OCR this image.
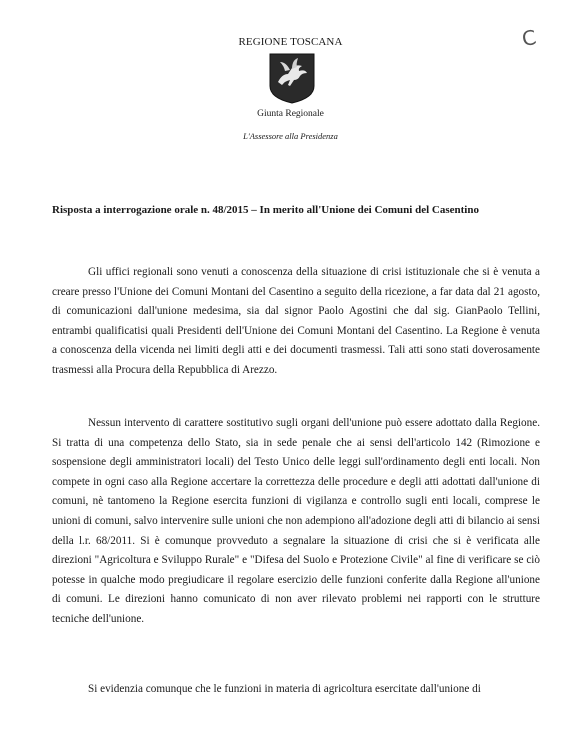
C
REGIONE TOSCANA
Giunta Regionale
L'Assessore alla Presidenza
Risposta a interrogazione orale n. 48/2015 – In merito all'Unione dei Comuni del Casentino

Gli uffici regionali sono venuti a conoscenza della situazione di crisi istituzionale che si è venuta a creare presso l'Unione dei Comuni Montani del Casentino a seguito della ricezione, a far data dal 21 agosto, di comunicazioni dall'unione medesima, sia dal signor Paolo Agostini che dal sig. GianPaolo Tellini, entrambi qualificatisi quali Presidenti dell'Unione dei Comuni Montani del Casentino. La Regione è venuta a conoscenza della vicenda nei limiti degli atti e dei documenti trasmessi. Tali atti sono stati doverosamente trasmessi alla Procura della Repubblica di Arezzo.

Nessun intervento di carattere sostitutivo sugli organi dell'unione può essere adottato dalla Regione. Si tratta di una competenza dello Stato, sia in sede penale che ai sensi dell'articolo 142 (Rimozione e sospensione degli amministratori locali) del Testo Unico delle leggi sull'ordinamento degli enti locali. Non compete in ogni caso alla Regione accertare la correttezza delle procedure e degli atti adottati dall'unione di comuni, nè tantomeno la Regione esercita funzioni di vigilanza e controllo sugli enti locali, comprese le unioni di comuni, salvo intervenire sulle unioni che non adempiono all'adozione degli atti di bilancio ai sensi della l.r. 68/2011. Si è comunque provveduto a segnalare la situazione di crisi che si è verificata alle direzioni "Agricoltura e Sviluppo Rurale" e "Difesa del Suolo e Protezione Civile" al fine di verificare se ciò potesse in qualche modo pregiudicare il regolare esercizio delle funzioni conferite dalla Regione all'unione di comuni. Le direzioni hanno comunicato di non aver rilevato problemi nei rapporti con le strutture tecniche dell'unione.

Si evidenzia comunque che le funzioni in materia di agricoltura esercitate dall'unione di
